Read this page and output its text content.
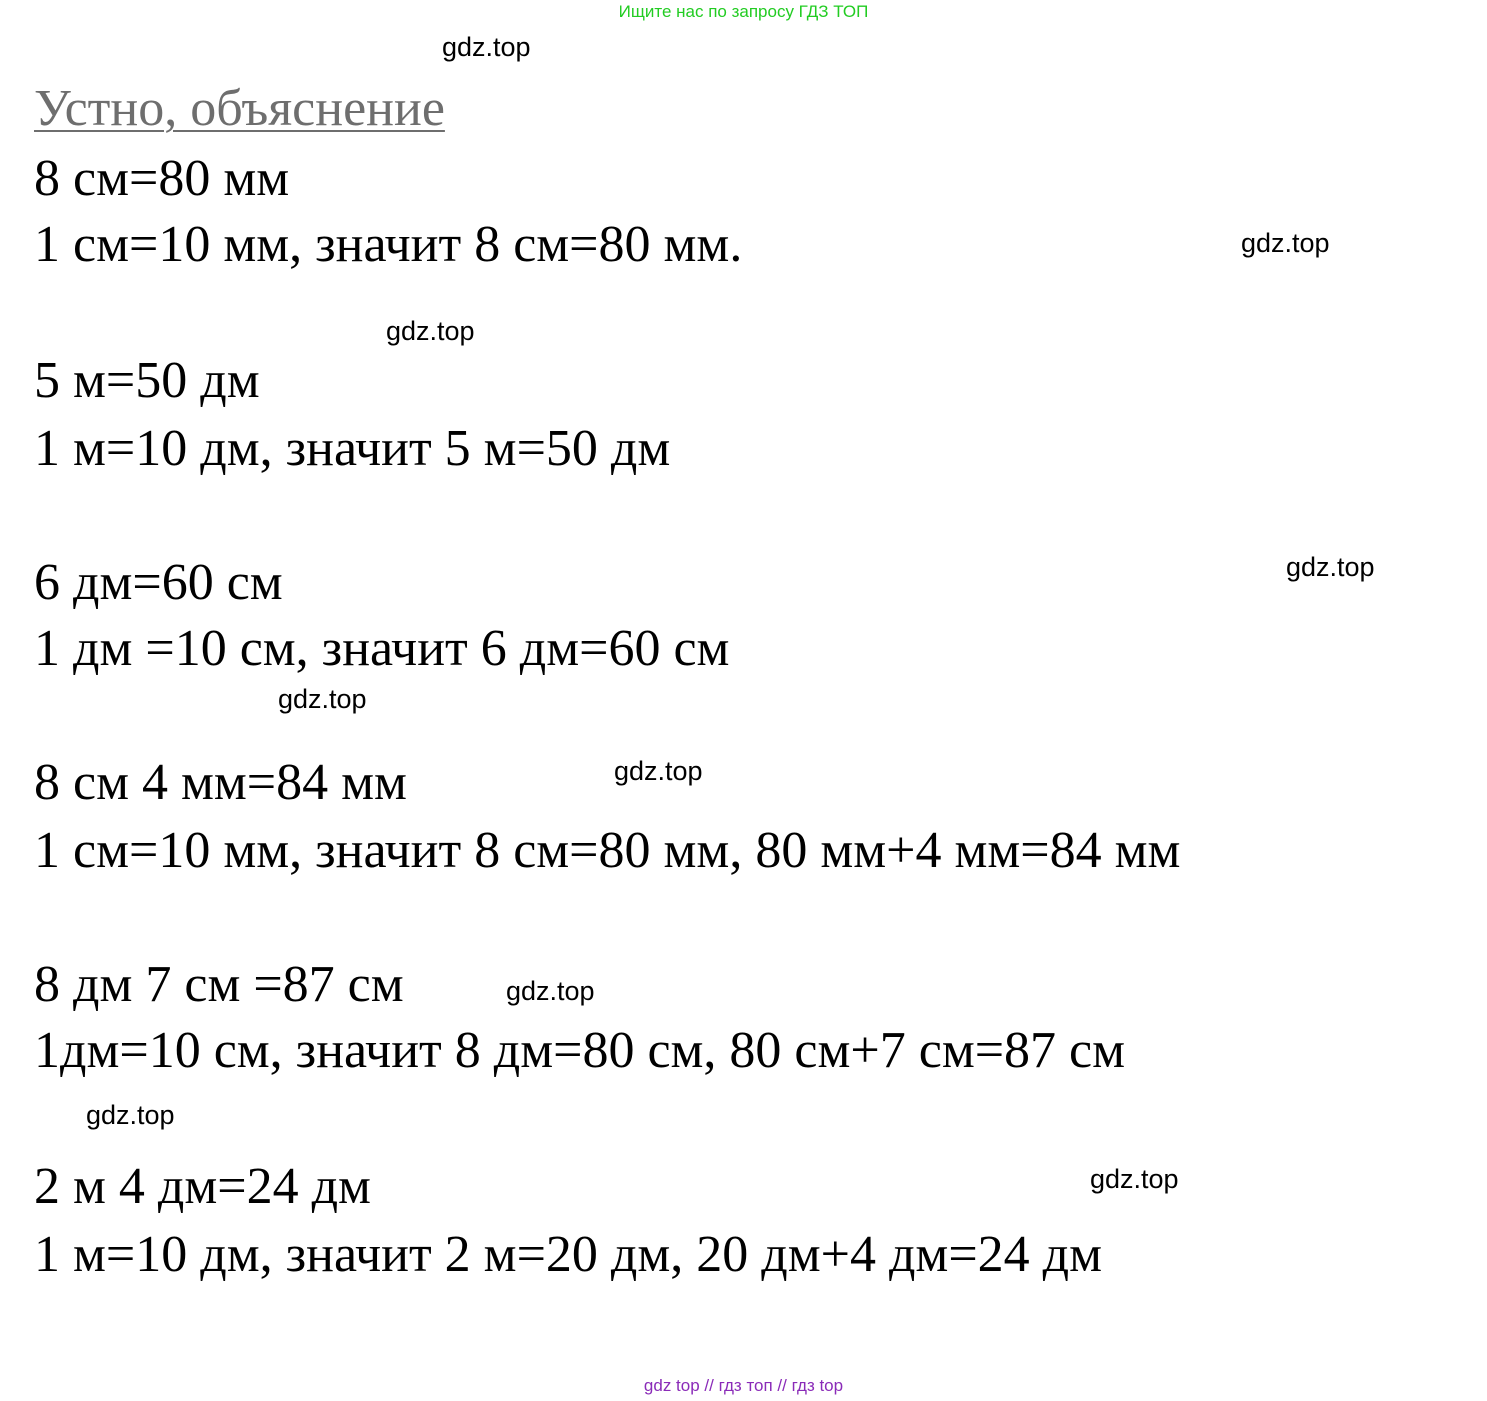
Ищите нас по запросу ГДЗ ТОП
Устно, объяснение
8 см=80 мм
1 см=10 мм, значит 8 см=80 мм.
5 м=50 дм
1 м=10 дм, значит 5 м=50 дм
6 дм=60 см
1 дм =10 см, значит 6 дм=60 см
8 см 4 мм=84 мм
1 см=10 мм, значит 8 см=80 мм, 80 мм+4 мм=84 мм
8 дм 7 см =87 см
1дм=10 см, значит 8 дм=80 см, 80 см+7 см=87 см
2 м 4 дм=24 дм
1 м=10 дм, значит 2 м=20 дм, 20 дм+4 дм=24 дм
gdz.top
gdz.top
gdz.top
gdz.top
gdz.top
gdz.top
gdz.top
gdz.top
gdz.top
gdz top // гдз топ // гдз top
